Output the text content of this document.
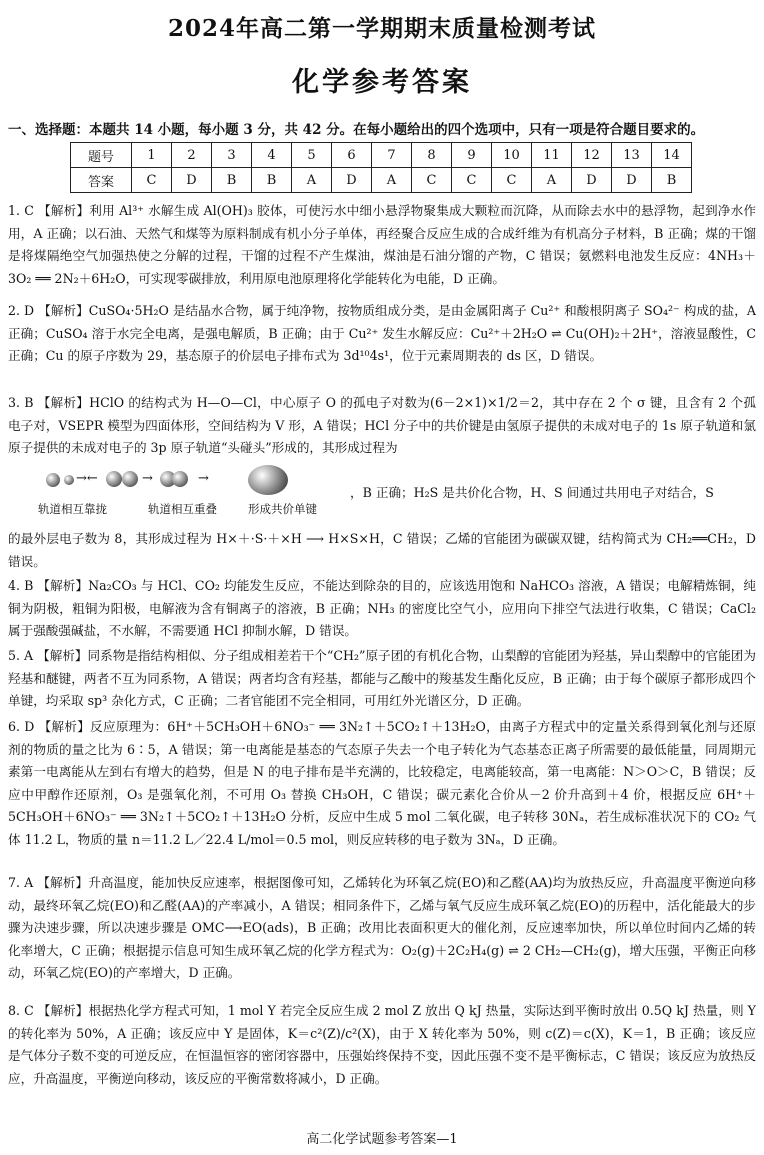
2024年高二第一学期期末质量检测考试
化学参考答案
一、选择题：本题共 14 小题，每小题 3 分，共 42 分。在每小题给出的四个选项中，只有一项是符合题目要求的。
题号	1	2	3	4	5	6	7	8	9	10	11	12	13	14
答案	C	D	B	B	A	D	A	C	C	C	A	D	D	B
1. C 【解析】利用 Al³⁺ 水解生成 Al(OH)₃ 胶体，可使污水中细小悬浮物聚集成大颗粒而沉降，从而除去水中的悬浮物，起到净水作用，A 正确；以石油、天然气和煤等为原料制成有机小分子单体，再经聚合反应生成的合成纤维为有机高分子材料，B 正确；煤的干馏是将煤隔绝空气加强热使之分解的过程，干馏的过程不产生煤油，煤油是石油分馏的产物，C 错误；氨燃料电池发生反应：4NH₃＋3O₂ ══ 2N₂＋6H₂O，可实现零碳排放，利用原电池原理将化学能转化为电能，D 正确。
2. D 【解析】CuSO₄·5H₂O 是结晶水合物，属于纯净物，按物质组成分类，是由金属阳离子 Cu²⁺ 和酸根阴离子 SO₄²⁻ 构成的盐，A 正确；CuSO₄ 溶于水完全电离，是强电解质，B 正确；由于 Cu²⁺ 发生水解反应：Cu²⁺＋2H₂O ⇌ Cu(OH)₂＋2H⁺，溶液显酸性，C 正确；Cu 的原子序数为 29，基态原子的价层电子排布式为 3d¹⁰4s¹，位于元素周期表的 ds 区，D 错误。
3. B 【解析】HClO 的结构式为 H—O—Cl，中心原子 O 的孤电子对数为(6－2×1)×1/2＝2，其中存在 2 个 σ 键，且含有 2 个孤电子对，VSEPR 模型为四面体形，空间结构为 V 形，A 错误；HCl 分子中的共价键是由氢原子提供的未成对电子的 1s 原子轨道和氯原子提供的未成对电子的 3p 原子轨道“头碰头”形成的，其形成过程为
→←	→	→
轨道相互靠拢	轨道相互重叠	形成共价单键
，B 正确；H₂S 是共价化合物，H、S 间通过共用电子对结合，S
的最外层电子数为 8，其形成过程为 H×＋·S·＋×H ⟶ H×S×H，C 错误；乙烯的官能团为碳碳双键，结构简式为 CH₂══CH₂，D 错误。
4. B 【解析】Na₂CO₃ 与 HCl、CO₂ 均能发生反应，不能达到除杂的目的，应该选用饱和 NaHCO₃ 溶液，A 错误；电解精炼铜，纯铜为阴极，粗铜为阳极，电解液为含有铜离子的溶液，B 正确；NH₃ 的密度比空气小，应用向下排空气法进行收集，C 错误；CaCl₂ 属于强酸强碱盐，不水解，不需要通 HCl 抑制水解，D 错误。
5. A 【解析】同系物是指结构相似、分子组成相差若干个“CH₂”原子团的有机化合物，山梨醇的官能团为羟基，异山梨醇中的官能团为羟基和醚键，两者不互为同系物，A 错误；两者均含有羟基，都能与乙酸中的羧基发生酯化反应，B 正确；由于每个碳原子都形成四个单键，均采取 sp³ 杂化方式，C 正确；二者官能团不完全相同，可用红外光谱区分，D 正确。
6. D 【解析】反应原理为：6H⁺＋5CH₃OH＋6NO₃⁻ ══ 3N₂↑＋5CO₂↑＋13H₂O，由离子方程式中的定量关系得到氧化剂与还原剂的物质的量之比为 6∶5，A 错误；第一电离能是基态的气态原子失去一个电子转化为气态基态正离子所需要的最低能量，同周期元素第一电离能从左到右有增大的趋势，但是 N 的电子排布是半充满的，比较稳定，电离能较高，第一电离能：N＞O＞C，B 错误；反应中甲醇作还原剂，O₃ 是强氧化剂，不可用 O₃ 替换 CH₃OH，C 错误；碳元素化合价从－2 价升高到＋4 价，根据反应 6H⁺＋5CH₃OH＋6NO₃⁻ ══ 3N₂↑＋5CO₂↑＋13H₂O 分析，反应中生成 5 mol 二氧化碳，电子转移 30Nₐ，若生成标准状况下的 CO₂ 气体 11.2 L，物质的量 n＝11.2 L／22.4 L/mol＝0.5 mol，则反应转移的电子数为 3Nₐ，D 正确。
7. A 【解析】升高温度，能加快反应速率，根据图像可知，乙烯转化为环氧乙烷(EO)和乙醛(AA)均为放热反应，升高温度平衡逆向移动，最终环氧乙烷(EO)和乙醛(AA)的产率减小，A 错误；相同条件下，乙烯与氧气反应生成环氧乙烷(EO)的历程中，活化能最大的步骤为决速步骤，所以决速步骤是 OMC⟶EO(ads)，B 正确；改用比表面积更大的催化剂，反应速率加快，所以单位时间内乙烯的转化率增大，C 正确；根据提示信息可知生成环氧乙烷的化学方程式为：O₂(g)＋2C₂H₄(g) ⇌ 2 CH₂—CH₂(g)，增大压强，平衡正向移动，环氧乙烷(EO)的产率增大，D 正确。
8. C 【解析】根据热化学方程式可知，1 mol Y 若完全反应生成 2 mol Z 放出 Q kJ 热量，实际达到平衡时放出 0.5Q kJ 热量，则 Y 的转化率为 50%，A 正确；该反应中 Y 是固体，K＝c²(Z)/c²(X)，由于 X 转化率为 50%，则 c(Z)＝c(X)，K＝1，B 正确；该反应是气体分子数不变的可逆反应，在恒温恒容的密闭容器中，压强始终保持不变，因此压强不变不是平衡标志，C 错误；该反应为放热反应，升高温度，平衡逆向移动，该反应的平衡常数将减小，D 正确。
高二化学试题参考答案—1
